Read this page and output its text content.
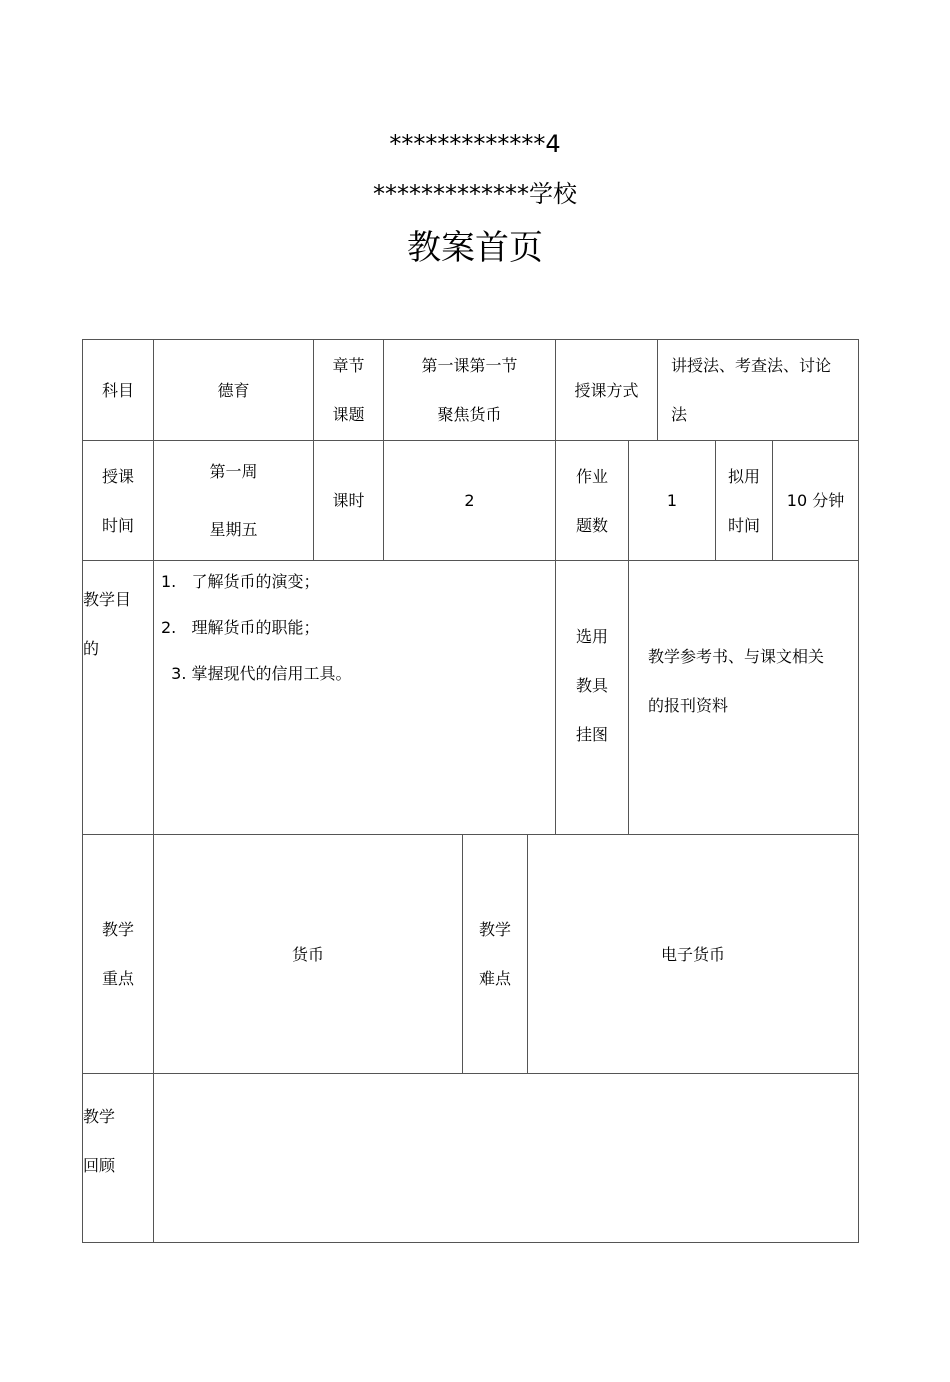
*************4
*************学校
教案首页
科目	德育
章节
课题
第一课第一节
聚焦货币
授课方式
讲授法、考查法、讨论
法
授课
时间
第一周
星期五
课时	2
作业
题数
1
拟用
时间
10 分钟
教学目
的
1.   了解货币的演变；
2.   理解货币的职能；
3. 掌握现代的信用工具。
选用
教具
挂图
教学参考书、与课文相关
的报刊资料
教学
重点
货币
教学
难点
电子货币
教学
回顾
